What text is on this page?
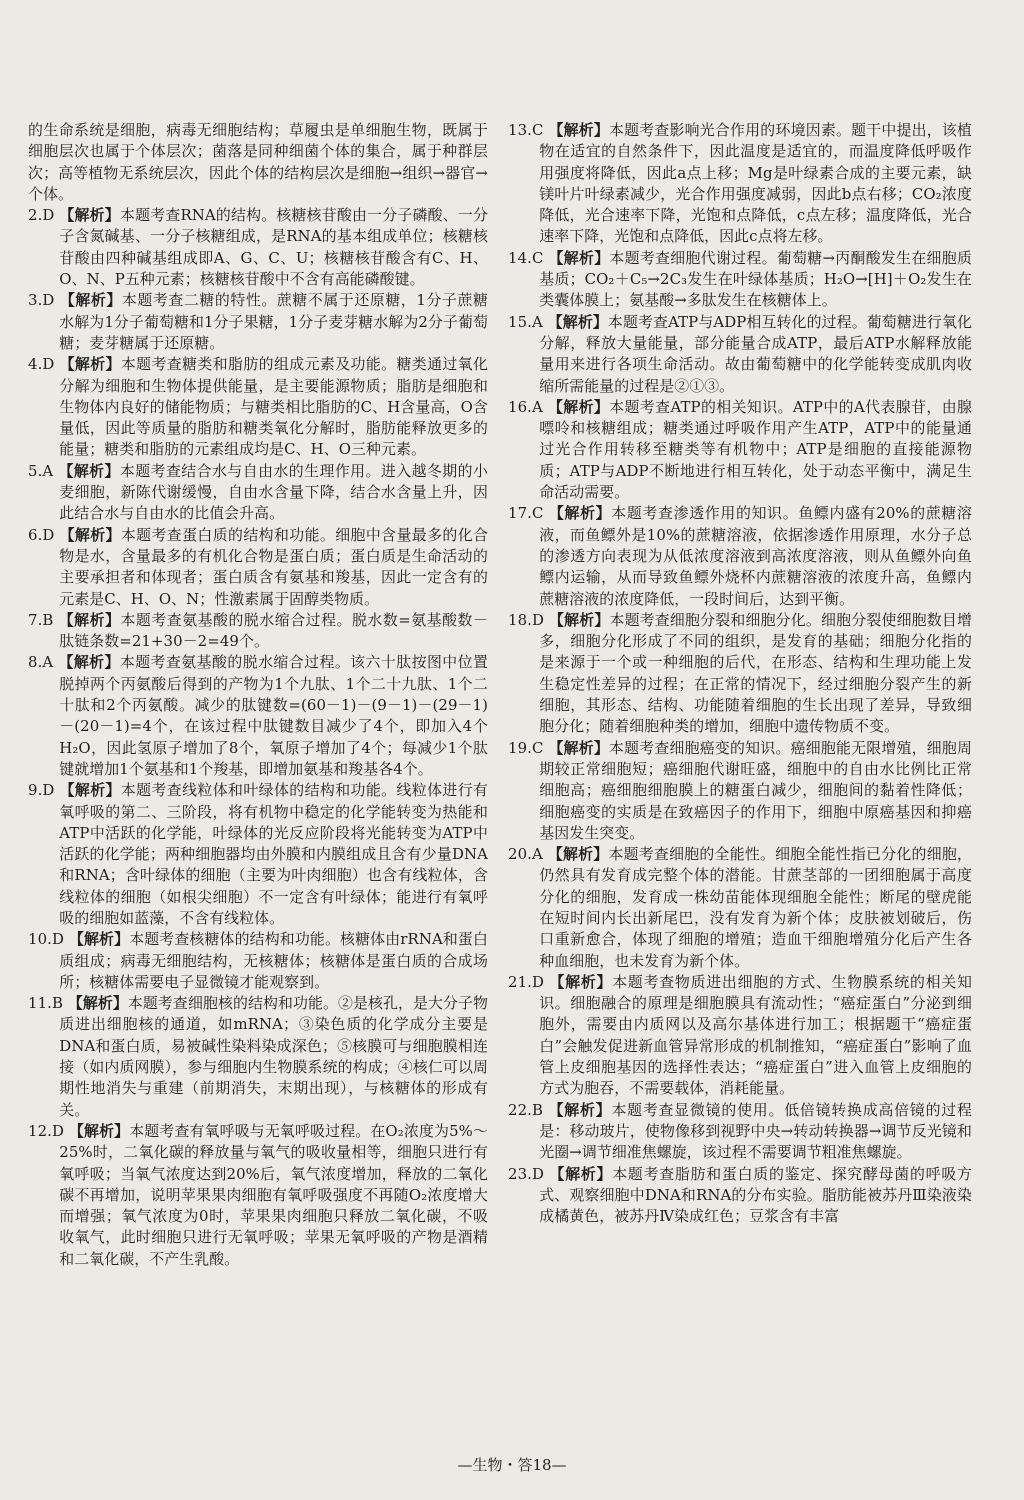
的生命系统是细胞，病毒无细胞结构；草履虫是单细胞生物，既属于细胞层次也属于个体层次；菌落是同种细菌个体的集合，属于种群层次；高等植物无系统层次，因此个体的结构层次是细胞→组织→器官→个体。

2.D 【解析】本题考查RNA的结构。核糖核苷酸由一分子磷酸、一分子含氮碱基、一分子核糖组成，是RNA的基本组成单位；核糖核苷酸由四种碱基组成即A、G、C、U；核糖核苷酸含有C、H、O、N、P五种元素；核糖核苷酸中不含有高能磷酸键。

3.D 【解析】本题考查二糖的特性。蔗糖不属于还原糖，1分子蔗糖水解为1分子葡萄糖和1分子果糖，1分子麦芽糖水解为2分子葡萄糖；麦芽糖属于还原糖。

4.D 【解析】本题考查糖类和脂肪的组成元素及功能。糖类通过氧化分解为细胞和生物体提供能量，是主要能源物质；脂肪是细胞和生物体内良好的储能物质；与糖类相比脂肪的C、H含量高，O含量低，因此等质量的脂肪和糖类氧化分解时，脂肪能释放更多的能量；糖类和脂肪的元素组成均是C、H、O三种元素。

5.A 【解析】本题考查结合水与自由水的生理作用。进入越冬期的小麦细胞，新陈代谢缓慢，自由水含量下降，结合水含量上升，因此结合水与自由水的比值会升高。

6.D 【解析】本题考查蛋白质的结构和功能。细胞中含量最多的化合物是水，含量最多的有机化合物是蛋白质；蛋白质是生命活动的主要承担者和体现者；蛋白质含有氨基和羧基，因此一定含有的元素是C、H、O、N；性激素属于固醇类物质。

7.B 【解析】本题考查氨基酸的脱水缩合过程。脱水数=氨基酸数－肽链条数=21+30－2=49个。

8.A 【解析】本题考查氨基酸的脱水缩合过程。该六十肽按图中位置脱掉两个丙氨酸后得到的产物为1个九肽、1个二十九肽、1个二十肽和2个丙氨酸。减少的肽键数=(60－1)－(9－1)－(29－1)－(20－1)=4个，在该过程中肽键数目减少了4个，即加入4个H₂O，因此氢原子增加了8个，氧原子增加了4个；每减少1个肽键就增加1个氨基和1个羧基，即增加氨基和羧基各4个。

9.D 【解析】本题考查线粒体和叶绿体的结构和功能。线粒体进行有氧呼吸的第二、三阶段，将有机物中稳定的化学能转变为热能和ATP中活跃的化学能，叶绿体的光反应阶段将光能转变为ATP中活跃的化学能；两种细胞器均由外膜和内膜组成且含有少量DNA和RNA；含叶绿体的细胞（主要为叶肉细胞）也含有线粒体，含线粒体的细胞（如根尖细胞）不一定含有叶绿体；能进行有氧呼吸的细胞如蓝藻，不含有线粒体。

10.D 【解析】本题考查核糖体的结构和功能。核糖体由rRNA和蛋白质组成；病毒无细胞结构，无核糖体；核糖体是蛋白质的合成场所；核糖体需要电子显微镜才能观察到。

11.B 【解析】本题考查细胞核的结构和功能。②是核孔，是大分子物质进出细胞核的通道，如mRNA；③染色质的化学成分主要是DNA和蛋白质，易被碱性染料染成深色；⑤核膜可与细胞膜相连接（如内质网膜），参与细胞内生物膜系统的构成；④核仁可以周期性地消失与重建（前期消失，末期出现），与核糖体的形成有关。

12.D 【解析】本题考查有氧呼吸与无氧呼吸过程。在O₂浓度为5%～25%时，二氧化碳的释放量与氧气的吸收量相等，细胞只进行有氧呼吸；当氧气浓度达到20%后，氧气浓度增加，释放的二氧化碳不再增加，说明苹果果肉细胞有氧呼吸强度不再随O₂浓度增大而增强；氧气浓度为0时，苹果果肉细胞只释放二氧化碳，不吸收氧气，此时细胞只进行无氧呼吸；苹果无氧呼吸的产物是酒精和二氧化碳，不产生乳酸。

13.C 【解析】本题考查影响光合作用的环境因素。题干中提出，该植物在适宜的自然条件下，因此温度是适宜的，而温度降低呼吸作用强度将降低，因此a点上移；Mg是叶绿素合成的主要元素，缺镁叶片叶绿素减少，光合作用强度减弱，因此b点右移；CO₂浓度降低，光合速率下降，光饱和点降低，c点左移；温度降低，光合速率下降，光饱和点降低，因此c点将左移。

14.C 【解析】本题考查细胞代谢过程。葡萄糖→丙酮酸发生在细胞质基质；CO₂＋C₅→2C₃发生在叶绿体基质；H₂O→[H]＋O₂发生在类囊体膜上；氨基酸→多肽发生在核糖体上。

15.A 【解析】本题考查ATP与ADP相互转化的过程。葡萄糖进行氧化分解，释放大量能量，部分能量合成ATP，最后ATP水解释放能量用来进行各项生命活动。故由葡萄糖中的化学能转变成肌肉收缩所需能量的过程是②①③。

16.A 【解析】本题考查ATP的相关知识。ATP中的A代表腺苷，由腺嘌呤和核糖组成；糖类通过呼吸作用产生ATP，ATP中的能量通过光合作用转移至糖类等有机物中；ATP是细胞的直接能源物质；ATP与ADP不断地进行相互转化，处于动态平衡中，满足生命活动需要。

17.C 【解析】本题考查渗透作用的知识。鱼鳔内盛有20%的蔗糖溶液，而鱼鳔外是10%的蔗糖溶液，依据渗透作用原理，水分子总的渗透方向表现为从低浓度溶液到高浓度溶液，则从鱼鳔外向鱼鳔内运输，从而导致鱼鳔外烧杯内蔗糖溶液的浓度升高，鱼鳔内蔗糖溶液的浓度降低，一段时间后，达到平衡。

18.D 【解析】本题考查细胞分裂和细胞分化。细胞分裂使细胞数目增多，细胞分化形成了不同的组织，是发育的基础；细胞分化指的是来源于一个或一种细胞的后代，在形态、结构和生理功能上发生稳定性差异的过程；在正常的情况下，经过细胞分裂产生的新细胞，其形态、结构、功能随着细胞的生长出现了差异，导致细胞分化；随着细胞种类的增加，细胞中遗传物质不变。

19.C 【解析】本题考查细胞癌变的知识。癌细胞能无限增殖，细胞周期较正常细胞短；癌细胞代谢旺盛，细胞中的自由水比例比正常细胞高；癌细胞细胞膜上的糖蛋白减少，细胞间的黏着性降低；细胞癌变的实质是在致癌因子的作用下，细胞中原癌基因和抑癌基因发生突变。

20.A 【解析】本题考查细胞的全能性。细胞全能性指已分化的细胞，仍然具有发育成完整个体的潜能。甘蔗茎部的一团细胞属于高度分化的细胞，发育成一株幼苗能体现细胞全能性；断尾的壁虎能在短时间内长出新尾巴，没有发育为新个体；皮肤被划破后，伤口重新愈合，体现了细胞的增殖；造血干细胞增殖分化后产生各种血细胞，也未发育为新个体。

21.D 【解析】本题考查物质进出细胞的方式、生物膜系统的相关知识。细胞融合的原理是细胞膜具有流动性；“癌症蛋白”分泌到细胞外，需要由内质网以及高尔基体进行加工；根据题干“癌症蛋白”会触发促进新血管异常形成的机制推知，“癌症蛋白”影响了血管上皮细胞基因的选择性表达；“癌症蛋白”进入血管上皮细胞的方式为胞吞，不需要载体，消耗能量。

22.B 【解析】本题考查显微镜的使用。低倍镜转换成高倍镜的过程是：移动玻片，使物像移到视野中央→转动转换器→调节反光镜和光圈→调节细准焦螺旋，该过程不需要调节粗准焦螺旋。

23.D 【解析】本题考查脂肪和蛋白质的鉴定、探究酵母菌的呼吸方式、观察细胞中DNA和RNA的分布实验。脂肪能被苏丹Ⅲ染液染成橘黄色，被苏丹Ⅳ染成红色；豆浆含有丰富

—生物・答18—
